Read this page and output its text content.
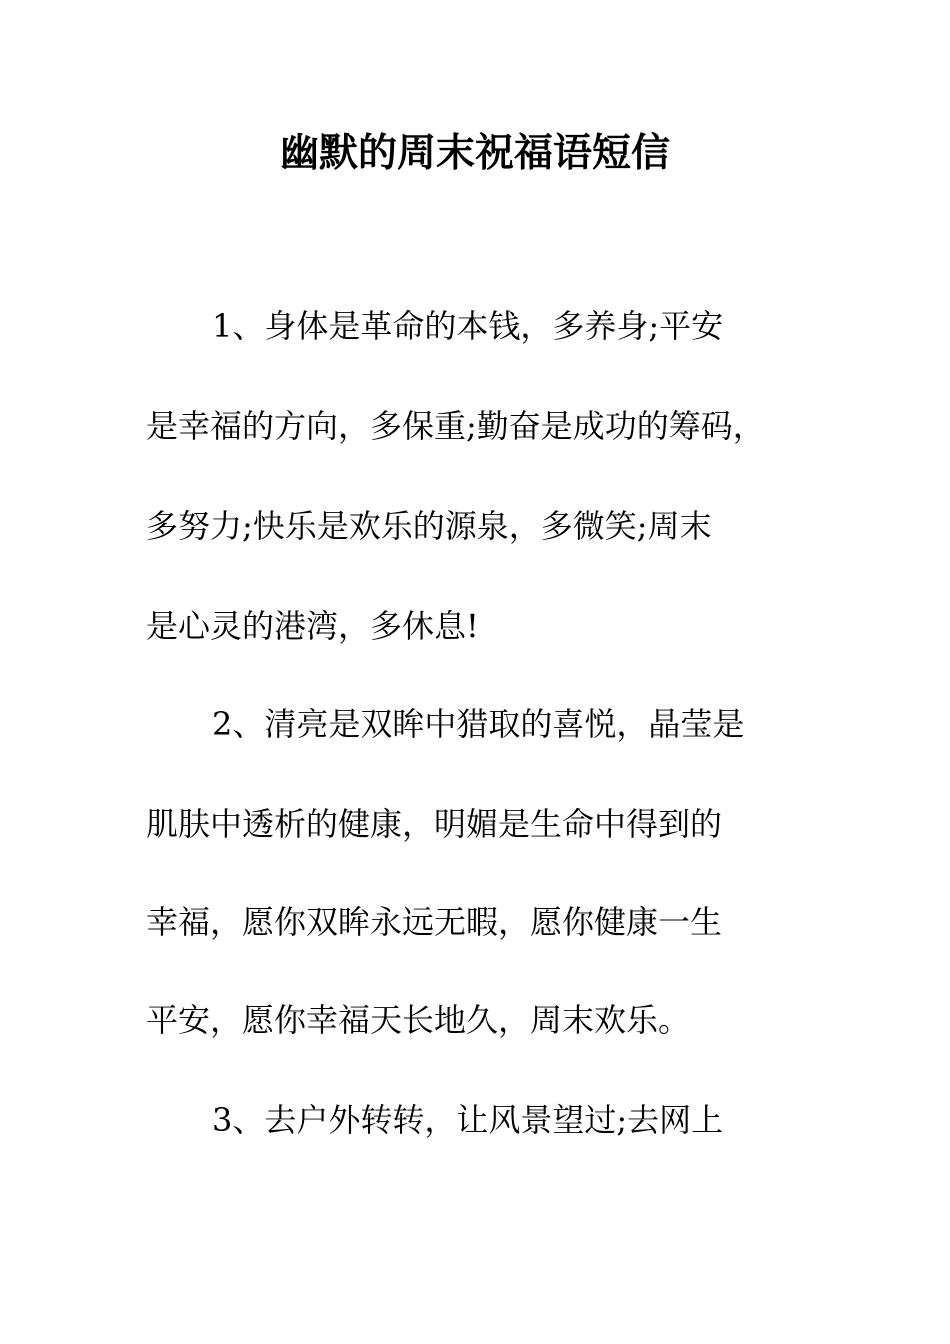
幽默的周末祝福语短信
1、身体是革命的本钱，多养身;平安
是幸福的方向，多保重;勤奋是成功的筹码，
多努力;快乐是欢乐的源泉，多微笑;周末
是心灵的港湾，多休息!
2、清亮是双眸中猎取的喜悦，晶莹是
肌肤中透析的健康，明媚是生命中得到的
幸福，愿你双眸永远无暇，愿你健康一生
平安，愿你幸福天长地久，周末欢乐。
3、去户外转转，让风景望过;去网上
